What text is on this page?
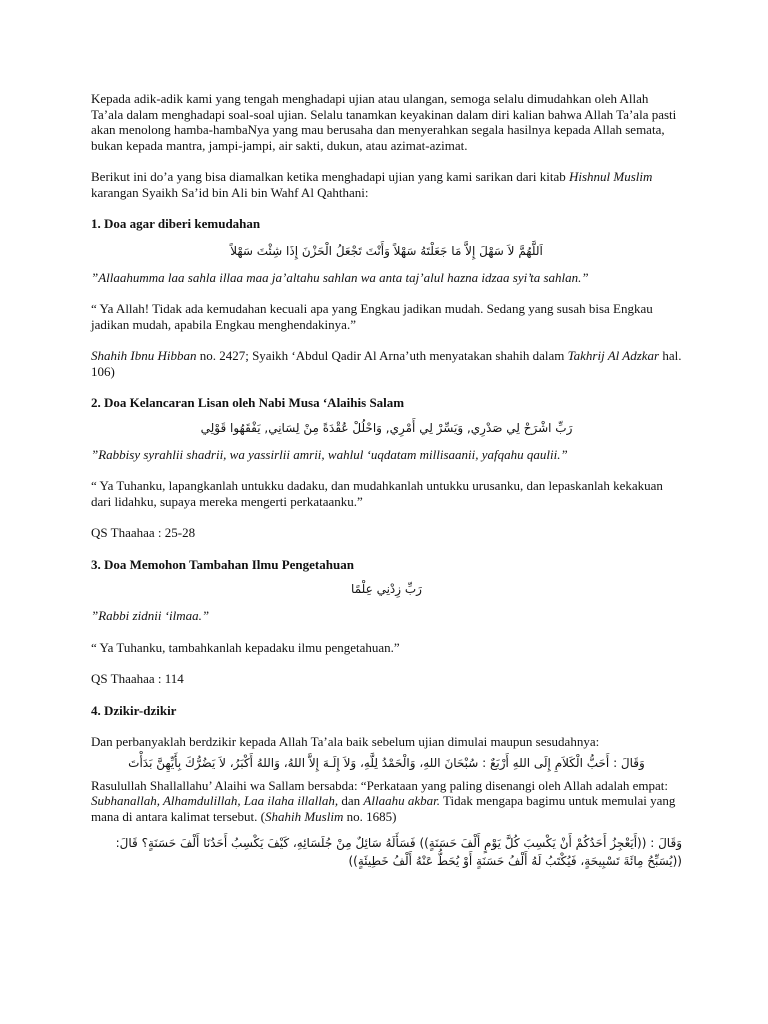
Kepada adik-adik kami yang tengah menghadapi ujian atau ulangan, semoga selalu dimudahkan oleh Allah Ta’ala dalam menghadapi soal-soal ujian. Selalu tanamkan keyakinan dalam diri kalian bahwa Allah Ta’ala pasti akan menolong hamba-hambaNya yang mau berusaha dan menyerahkan segala hasilnya kepada Allah semata, bukan kepada mantra, jampi-jampi, air sakti, dukun, atau azimat-azimat.

Berikut ini do’a yang bisa diamalkan ketika menghadapi ujian yang kami sarikan dari kitab Hishnul Muslim karangan Syaikh Sa’id bin Ali bin Wahf Al Qahthani:

1. Doa agar diberi kemudahan

اَللَّهُمَّ لاَ سَهْلَ إِلاَّ مَا جَعَلْتَهُ سَهْلاً وَأَنْتَ تَجْعَلُ الْحَزْنَ إِذَا شِئْتَ سَهْلاً

”Allaahumma laa sahla illaa maa ja’altahu sahlan wa anta taj’alul hazna idzaa syi’ta sahlan.”

“ Ya Allah! Tidak ada kemudahan kecuali apa yang Engkau jadikan mudah. Sedang yang susah bisa Engkau jadikan mudah, apabila Engkau menghendakinya.”

Shahih Ibnu Hibban no. 2427; Syaikh ‘Abdul Qadir Al Arna’uth menyatakan shahih dalam Takhrij Al Adzkar hal. 106)

2. Doa Kelancaran Lisan oleh Nabi Musa ‘Alaihis Salam

رَبِّ اشْرَحْ لِي صَدْرِي, وَيَسِّرْ لِي أَمْرِي, وَاحْلُلْ عُقْدَةً مِنْ لِسَانِي, يَفْقَهُوا قَوْلِي

”Rabbisy syrahlii shadrii, wa yassirlii amrii, wahlul ‘uqdatam millisaanii, yafqahu qaulii.”

“ Ya Tuhanku, lapangkanlah untukku dadaku, dan mudahkanlah untukku urusanku, dan lepaskanlah kekakuan dari lidahku, supaya mereka mengerti perkataanku.”

QS Thaahaa : 25-28

3. Doa Memohon Tambahan Ilmu Pengetahuan

رَبِّ زِدْنِي عِلْمًا

”Rabbi zidnii ‘ilmaa.”

“ Ya Tuhanku, tambahkanlah kepadaku ilmu pengetahuan.”

QS Thaahaa : 114

4. Dzikir-dzikir

Dan perbanyaklah berdzikir kepada Allah Ta’ala baik sebelum ujian dimulai maupun sesudahnya:

وَقَالَ : أَحَبُّ الْكَلاَمِ إِلَى اللهِ أَرْبَعٌ : سُبْحَانَ اللهِ، وَالْحَمْدُ لِلَّهِ، وَلاَ إِلَـهَ إِلاَّ اللهُ، وَاللهُ أَكْبَرُ، لاَ يَضُرُّكَ بِأَيِّهِنَّ بَدَأْتَ

Rasulullah Shallallahu’ Alaihi wa Sallam bersabda: “Perkataan yang paling disenangi oleh Allah adalah empat: Subhanallah, Alhamdulillah, Laa ilaha illallah, dan Allaahu akbar. Tidak mengapa bagimu untuk memulai yang mana di antara kalimat tersebut. (Shahih Muslim no. 1685)

وَقَالَ : ((أَيَعْجِزُ أَحَدُكُمْ أَنْ يَكْسِبَ كُلَّ يَوْمٍ أَلْفَ حَسَنَةٍ)) فَسَأَلَهُ سَائِلٌ مِنْ جُلَسَائِهِ، كَيْفَ يَكْسِبُ أَحَدُنَا أَلْفَ حَسَنَةٍ؟ قَالَ: ((يُسَبِّحُ مِائَةَ تَسْبِيحَةٍ، فَيُكْتَبُ لَهُ أَلْفُ حَسَنَةٍ أَوْ يُحَطُّ عَنْهُ أَلْفُ خَطِيئَةٍ))
